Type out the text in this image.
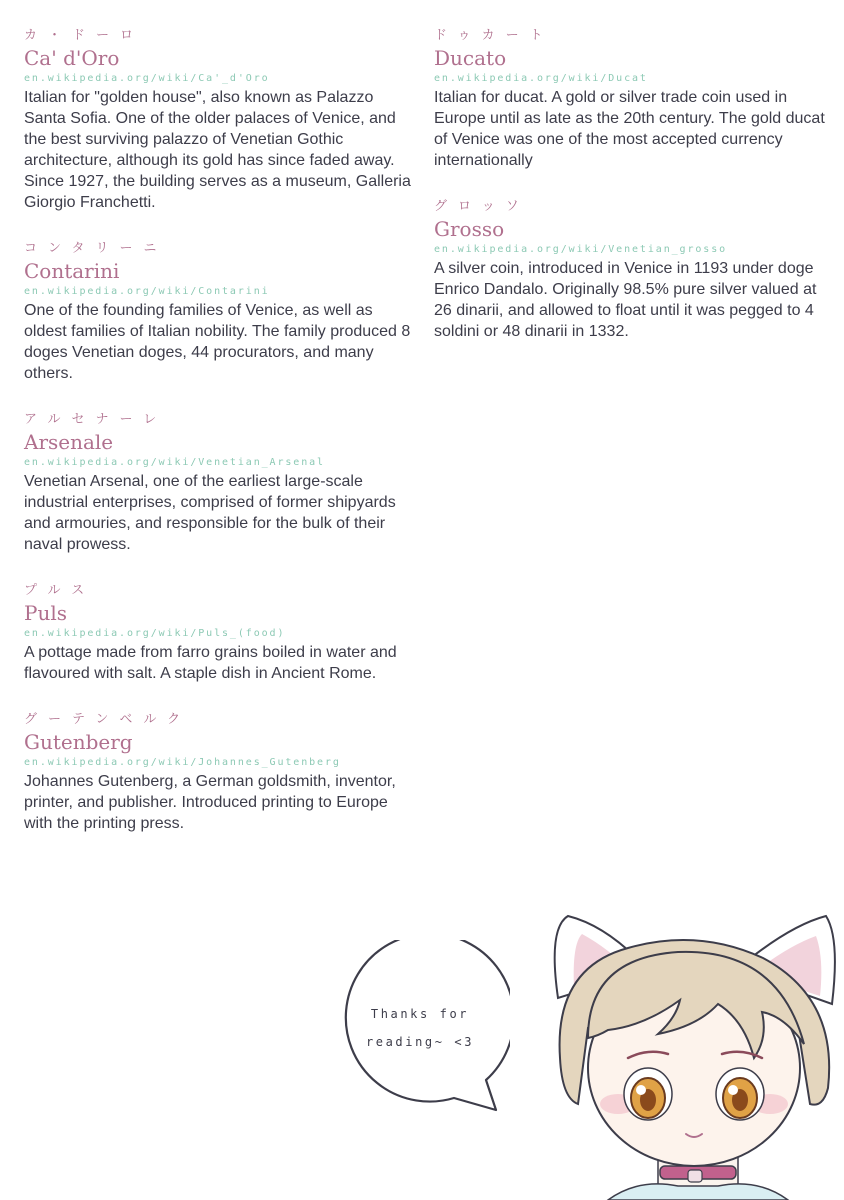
カ・ドーロ
Ca' d'Oro
en.wikipedia.org/wiki/Ca'_d'Oro
Italian for "golden house", also known as Palazzo Santa Sofia. One of the older palaces of Venice, and the best surviving palazzo of Venetian Gothic architecture, although its gold has since faded away. Since 1927, the building serves as a museum, Galleria Giorgio Franchetti.
コンタリーニ
Contarini
en.wikipedia.org/wiki/Contarini
One of the founding families of Venice, as well as oldest families of Italian nobility. The family produced 8 doges Venetian doges, 44 procurators, and many others.
アルセナーレ
Arsenale
en.wikipedia.org/wiki/Venetian_Arsenal
Venetian Arsenal, one of the earliest large-scale industrial enterprises, comprised of former shipyards and armouries, and responsible for the bulk of their naval prowess.
プルス
Puls
en.wikipedia.org/wiki/Puls_(food)
A pottage made from farro grains boiled in water and flavoured with salt. A staple dish in Ancient Rome.
グーテンベルク
Gutenberg
en.wikipedia.org/wiki/Johannes_Gutenberg
Johannes Gutenberg, a German goldsmith, inventor, printer, and publisher. Introduced printing to Europe with the printing press.
ドゥカート
Ducato
en.wikipedia.org/wiki/Ducat
Italian for ducat. A gold or silver trade coin used in Europe until as late as the 20th century. The gold ducat of Venice was one of the most accepted currency internationally
グロッソ
Grosso
en.wikipedia.org/wiki/Venetian_grosso
A silver coin, introduced in Venice in 1193 under doge Enrico Dandalo. Originally 98.5% pure silver valued at 26 dinarii, and allowed to float until it was pegged to 4 soldini or 48 dinarii in 1332.
Thanks for
reading~ <3
